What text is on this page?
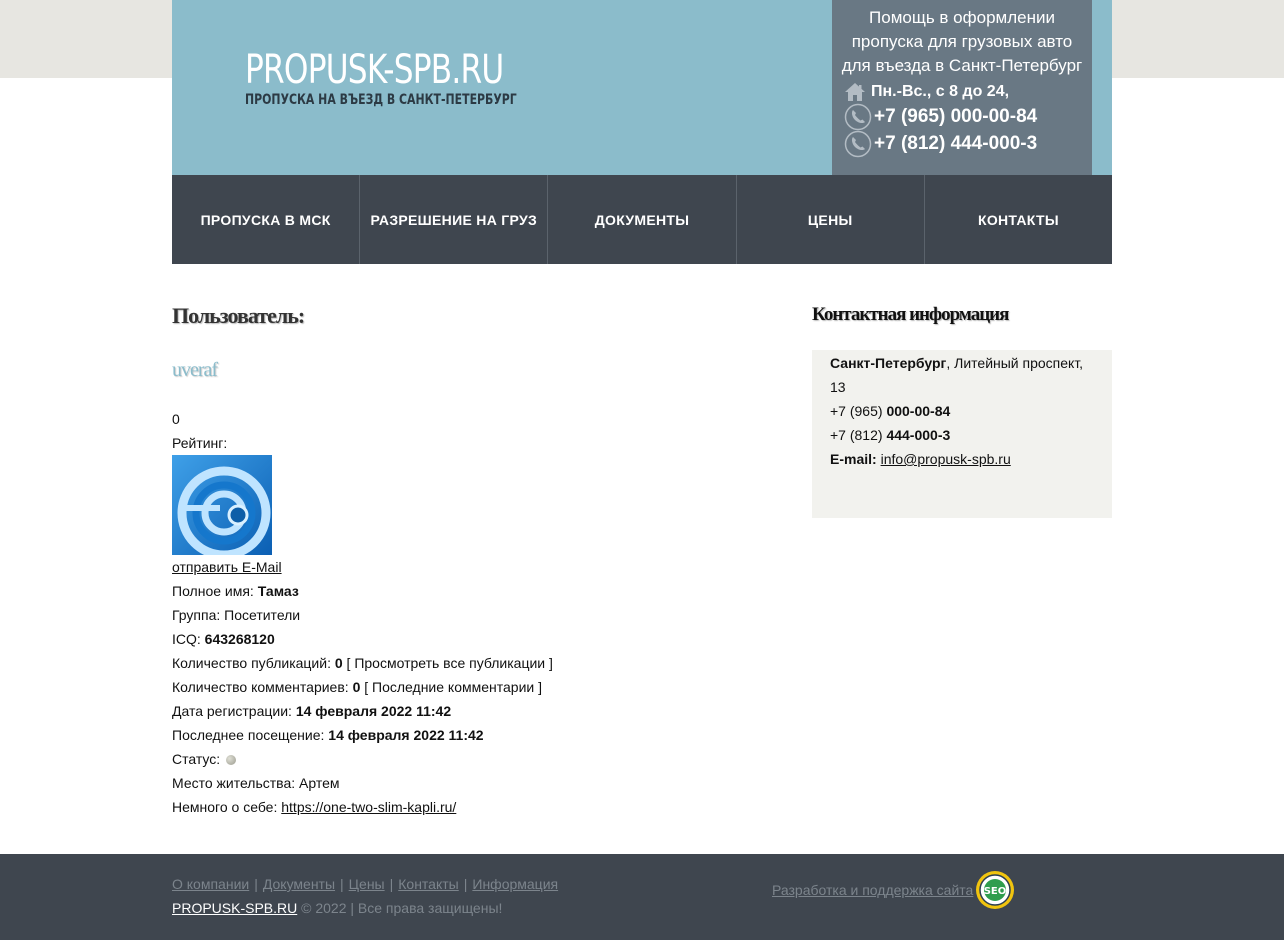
PROPUSK-SPB.RU
ПРОПУСКА НА ВЪЕЗД В САНКТ-ПЕТЕРБУРГ
Помощь в оформлении пропуска для грузовых авто для въезда в Санкт-Петербург
Пн.-Вс., с 8 до 24,
+7 (965) 000-00-84
+7 (812) 444-000-3
ПРОПУСКА В МСК	РАЗРЕШЕНИЕ НА ГРУЗ	ДОКУМЕНТЫ	ЦЕНЫ	КОНТАКТЫ
Пользователь:
uveraf
0
Рейтинг:
отправить E-Mail
Полное имя: Тамаз
Группа: Посетители
ICQ: 643268120
Количество публикаций: 0 [ Просмотреть все публикации ]
Количество комментариев: 0 [ Последние комментарии ]
Дата регистрации: 14 февраля 2022 11:42
Последнее посещение: 14 февраля 2022 11:42
Статус:
Место жительства: Артем
Немного о себе: https://one-two-slim-kapli.ru/
Контактная информация
Санкт-Петербург, Литейный проспект, 13
+7 (965) 000-00-84
+7 (812) 444-000-3
E-mail: info@propusk-spb.ru
О компании | Документы | Цены | Контакты | Информация
PROPUSK-SPB.RU © 2022 | Все права защищены!
Разработка и поддержка сайта SEO
